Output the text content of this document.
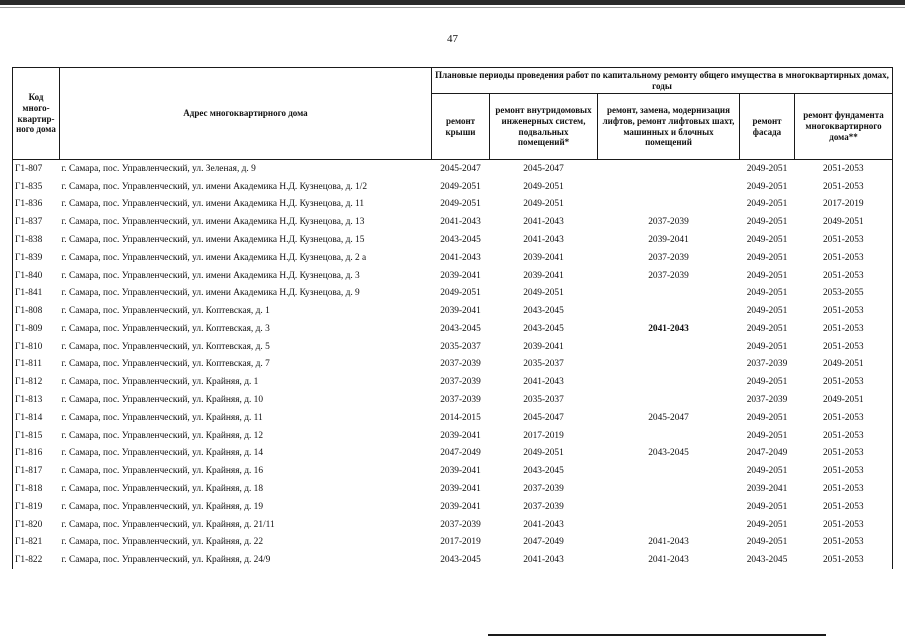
47
Код много-квартир-ного дома	Адрес многоквартирного дома	Плановые периоды проведения работ по капитальному ремонту общего имущества в многоквартирных домах, годы				
		ремонт крыши	ремонт внутридомовых инженерных систем, подвальных помещений*	ремонт, замена, модернизация лифтов, ремонт лифтовых шахт, машинных и блочных помещений	ремонт фасада	ремонт фундамента многоквартирного дома**
Г1-807	г. Самара, пос. Управленческий, ул. Зеленая, д. 9	2045-2047	2045-2047		2049-2051	2051-2053
Г1-835	г. Самара, пос. Управленческий, ул. имени Академика Н.Д. Кузнецова, д. 1/2	2049-2051	2049-2051		2049-2051	2051-2053
Г1-836	г. Самара, пос. Управленческий, ул. имени Академика Н.Д. Кузнецова, д. 11	2049-2051	2049-2051		2049-2051	2017-2019
Г1-837	г. Самара, пос. Управленческий, ул. имени Академика Н.Д. Кузнецова, д. 13	2041-2043	2041-2043	2037-2039	2049-2051	2049-2051
Г1-838	г. Самара, пос. Управленческий, ул. имени Академика Н.Д. Кузнецова, д. 15	2043-2045	2041-2043	2039-2041	2049-2051	2051-2053
Г1-839	г. Самара, пос. Управленческий, ул. имени Академика Н.Д. Кузнецова, д. 2 а	2041-2043	2039-2041	2037-2039	2049-2051	2051-2053
Г1-840	г. Самара, пос. Управленческий, ул. имени Академика Н.Д. Кузнецова, д. 3	2039-2041	2039-2041	2037-2039	2049-2051	2051-2053
Г1-841	г. Самара, пос. Управленческий, ул. имени Академика Н.Д. Кузнецова, д. 9	2049-2051	2049-2051		2049-2051	2053-2055
Г1-808	г. Самара, пос. Управленческий, ул. Коптевская, д. 1	2039-2041	2043-2045		2049-2051	2051-2053
Г1-809	г. Самара, пос. Управленческий, ул. Коптевская, д. 3	2043-2045	2043-2045	2041-2043	2049-2051	2051-2053
Г1-810	г. Самара, пос. Управленческий, ул. Коптевская, д. 5	2035-2037	2039-2041		2049-2051	2051-2053
Г1-811	г. Самара, пос. Управленческий, ул. Коптевская, д. 7	2037-2039	2035-2037		2037-2039	2049-2051
Г1-812	г. Самара, пос. Управленческий, ул. Крайняя, д. 1	2037-2039	2041-2043		2049-2051	2051-2053
Г1-813	г. Самара, пос. Управленческий, ул. Крайняя, д. 10	2037-2039	2035-2037		2037-2039	2049-2051
Г1-814	г. Самара, пос. Управленческий, ул. Крайняя, д. 11	2014-2015	2045-2047	2045-2047	2049-2051	2051-2053
Г1-815	г. Самара, пос. Управленческий, ул. Крайняя, д. 12	2039-2041	2017-2019		2049-2051	2051-2053
Г1-816	г. Самара, пос. Управленческий, ул. Крайняя, д. 14	2047-2049	2049-2051	2043-2045	2047-2049	2051-2053
Г1-817	г. Самара, пос. Управленческий, ул. Крайняя, д. 16	2039-2041	2043-2045		2049-2051	2051-2053
Г1-818	г. Самара, пос. Управленческий, ул. Крайняя, д. 18	2039-2041	2037-2039		2039-2041	2051-2053
Г1-819	г. Самара, пос. Управленческий, ул. Крайняя, д. 19	2039-2041	2037-2039		2049-2051	2051-2053
Г1-820	г. Самара, пос. Управленческий, ул. Крайняя, д. 21/11	2037-2039	2041-2043		2049-2051	2051-2053
Г1-821	г. Самара, пос. Управленческий, ул. Крайняя, д. 22	2017-2019	2047-2049	2041-2043	2049-2051	2051-2053
Г1-822	г. Самара, пос. Управленческий, ул. Крайняя, д. 24/9	2043-2045	2041-2043	2041-2043	2043-2045	2051-2053
